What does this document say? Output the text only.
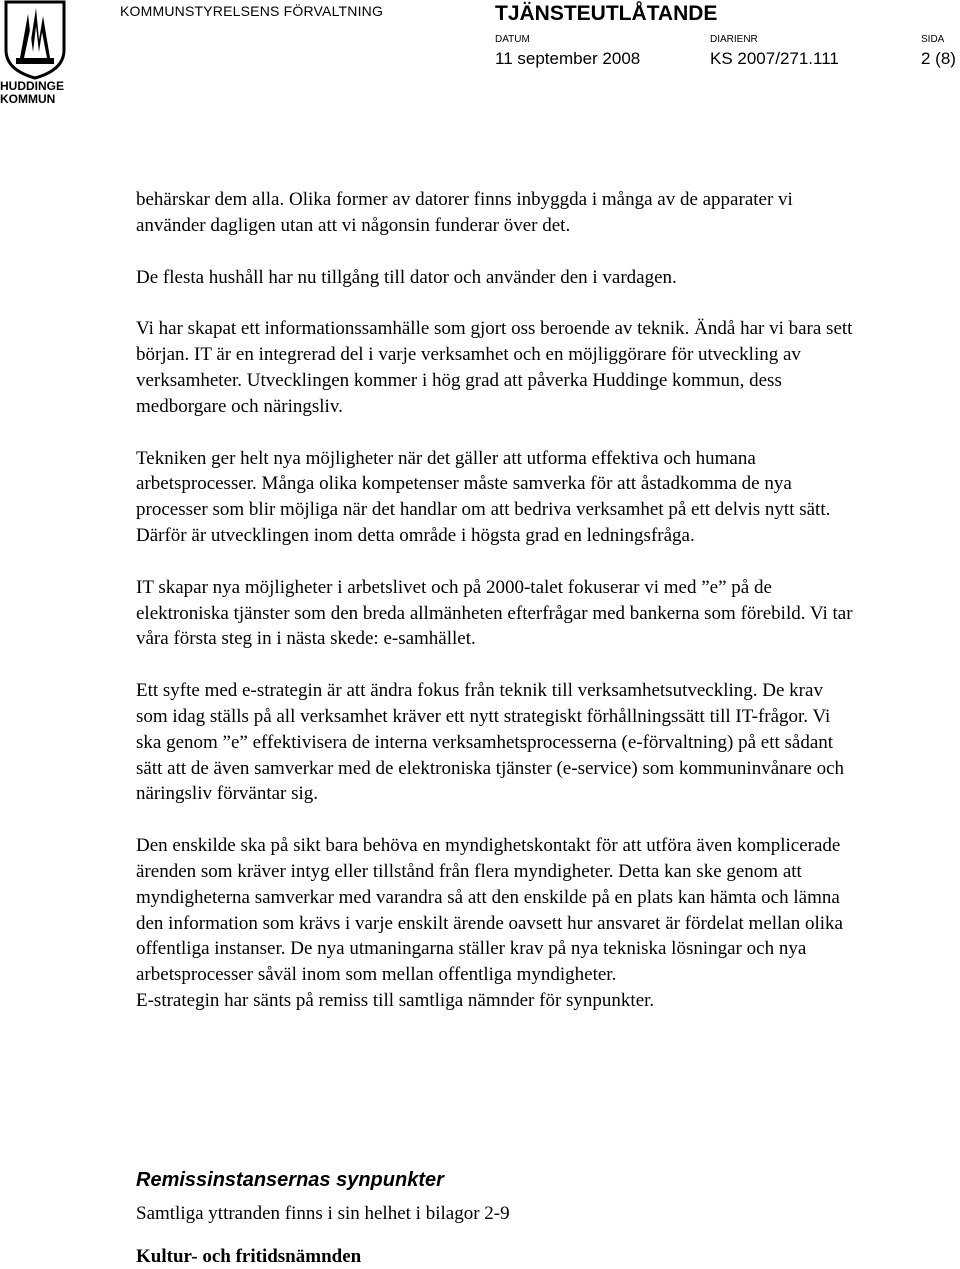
HUDDINGE
KOMMUN
KOMMUNSTYRELSENS FÖRVALTNING	TJÄNSTEUTLÅTANDE
DATUM
11 september 2008
DIARIENR
KS 2007/271.111
SIDA
2 (8)

behärskar dem alla. Olika former av datorer finns inbyggda i många av de apparater vi använder dagligen utan att vi någonsin funderar över det.

De flesta hushåll har nu tillgång till dator och använder den i vardagen.

Vi har skapat ett informationssamhälle som gjort oss beroende av teknik. Ändå har vi bara sett början. IT är en integrerad del i varje verksamhet och en möjliggörare för utveckling av verksamheter. Utvecklingen kommer i hög grad att påverka Huddinge kommun, dess medborgare och näringsliv.

Tekniken ger helt nya möjligheter när det gäller att utforma effektiva och humana arbetsprocesser. Många olika kompetenser måste samverka för att åstadkomma de nya processer som blir möjliga när det handlar om att bedriva verksamhet på ett delvis nytt sätt. Därför är utvecklingen inom detta område i högsta grad en ledningsfråga.

IT skapar nya möjligheter i arbetslivet och på 2000-talet fokuserar vi med ”e” på de elektroniska tjänster som den breda allmänheten efterfrågar med bankerna som förebild. Vi tar våra första steg in i nästa skede: e-samhället.

Ett syfte med e-strategin är att ändra fokus från teknik till verksamhetsutveckling. De krav som idag ställs på all verksamhet kräver ett nytt strategiskt förhållningssätt till IT-frågor. Vi ska genom ”e” effektivisera de interna verksamhetsprocesserna (e-förvaltning) på ett sådant sätt att de även samverkar med de elektroniska tjänster (e-service) som kommuninvånare och näringsliv förväntar sig.

Den enskilde ska på sikt bara behöva en myndighetskontakt för att utföra även komplicerade ärenden som kräver intyg eller tillstånd från flera myndigheter. Detta kan ske genom att myndigheterna samverkar med varandra så att den enskilde på en plats kan hämta och lämna den information som krävs i varje enskilt ärende oavsett hur ansvaret är fördelat mellan olika offentliga instanser. De nya utmaningarna ställer krav på nya tekniska lösningar och nya arbetsprocesser såväl inom som mellan offentliga myndigheter.

E-strategin har sänts på remiss till samtliga nämnder för synpunkter.

Remissinstansernas synpunkter
Samtliga yttranden finns i sin helhet i bilagor 2-9
Kultur- och fritidsnämnden
